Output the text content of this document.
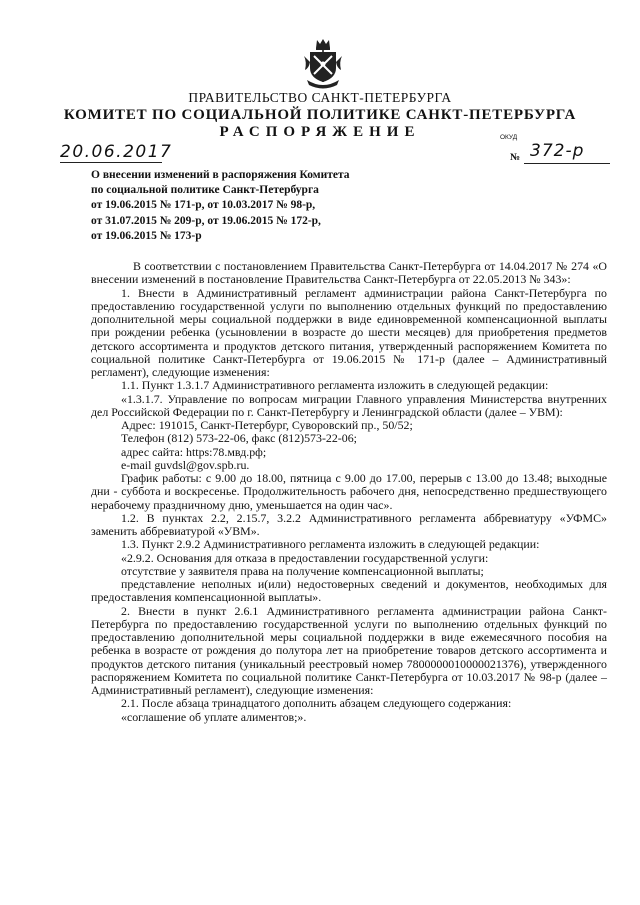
ПРАВИТЕЛЬСТВО САНКТ-ПЕТЕРБУРГА
КОМИТЕТ ПО СОЦИАЛЬНОЙ ПОЛИТИКЕ САНКТ-ПЕТЕРБУРГА
РАСПОРЯЖЕНИЕ	ОКУД
20.06.2017	№ 372-р
О внесении изменений в распоряжения Комитета
по социальной политике Санкт-Петербурга
от 19.06.2015 № 171-р, от 10.03.2017 № 98-р,
от 31.07.2015 № 209-р, от 19.06.2015 № 172-р,
от 19.06.2015 № 173-р

В соответствии с постановлением Правительства Санкт-Петербурга от 14.04.2017 № 274 «О внесении изменений в постановление Правительства Санкт-Петербурга от 22.05.2013 № 343»:

1. Внести в Административный регламент администрации района Санкт-Петербурга по предоставлению государственной услуги по выполнению отдельных функций по предоставлению дополнительной меры социальной поддержки в виде единовременной компенсационной выплаты при рождении ребенка (усыновлении в возрасте до шести месяцев) для приобретения предметов детского ассортимента и продуктов детского питания, утвержденный распоряжением Комитета по социальной политике Санкт-Петербурга от 19.06.2015 № 171-р (далее – Административный регламент), следующие изменения:

1.1. Пункт 1.3.1.7 Административного регламента изложить в следующей редакции:

«1.3.1.7. Управление по вопросам миграции Главного управления Министерства внутренних дел Российской Федерации по г. Санкт-Петербургу и Ленинградской области (далее – УВМ):

Адрес: 191015, Санкт-Петербург, Суворовский пр., 50/52;

Телефон (812) 573-22-06, факс (812)573-22-06;

адрес сайта: https:78.мвд.рф;

e-mail guvdsl@gov.spb.ru.

График работы: с 9.00 до 18.00, пятница с 9.00 до 17.00, перерыв с 13.00 до 13.48; выходные дни - суббота и воскресенье. Продолжительность рабочего дня, непосредственно предшествующего нерабочему праздничному дню, уменьшается на один час».

1.2. В пунктах 2.2, 2.15.7, 3.2.2 Административного регламента аббревиатуру «УФМС» заменить аббревиатурой «УВМ».

1.3. Пункт 2.9.2 Административного регламента изложить в следующей редакции:

«2.9.2. Основания для отказа в предоставлении государственной услуги:

отсутствие у заявителя права на получение компенсационной выплаты;

представление неполных и(или) недостоверных сведений и документов, необходимых для предоставления компенсационной выплаты».

2. Внести в пункт 2.6.1 Административного регламента администрации района Санкт-Петербурга по предоставлению государственной услуги по выполнению отдельных функций по предоставлению дополнительной меры социальной поддержки в виде ежемесячного пособия на ребенка в возрасте от рождения до полутора лет на приобретение товаров детского ассортимента и продуктов детского питания (уникальный реестровый номер 7800000010000021376), утвержденного распоряжением Комитета по социальной политике Санкт-Петербурга от 10.03.2017 № 98-р (далее – Административный регламент), следующие изменения:

2.1. После абзаца тринадцатого дополнить абзацем следующего содержания:

«соглашение об уплате алиментов;».
